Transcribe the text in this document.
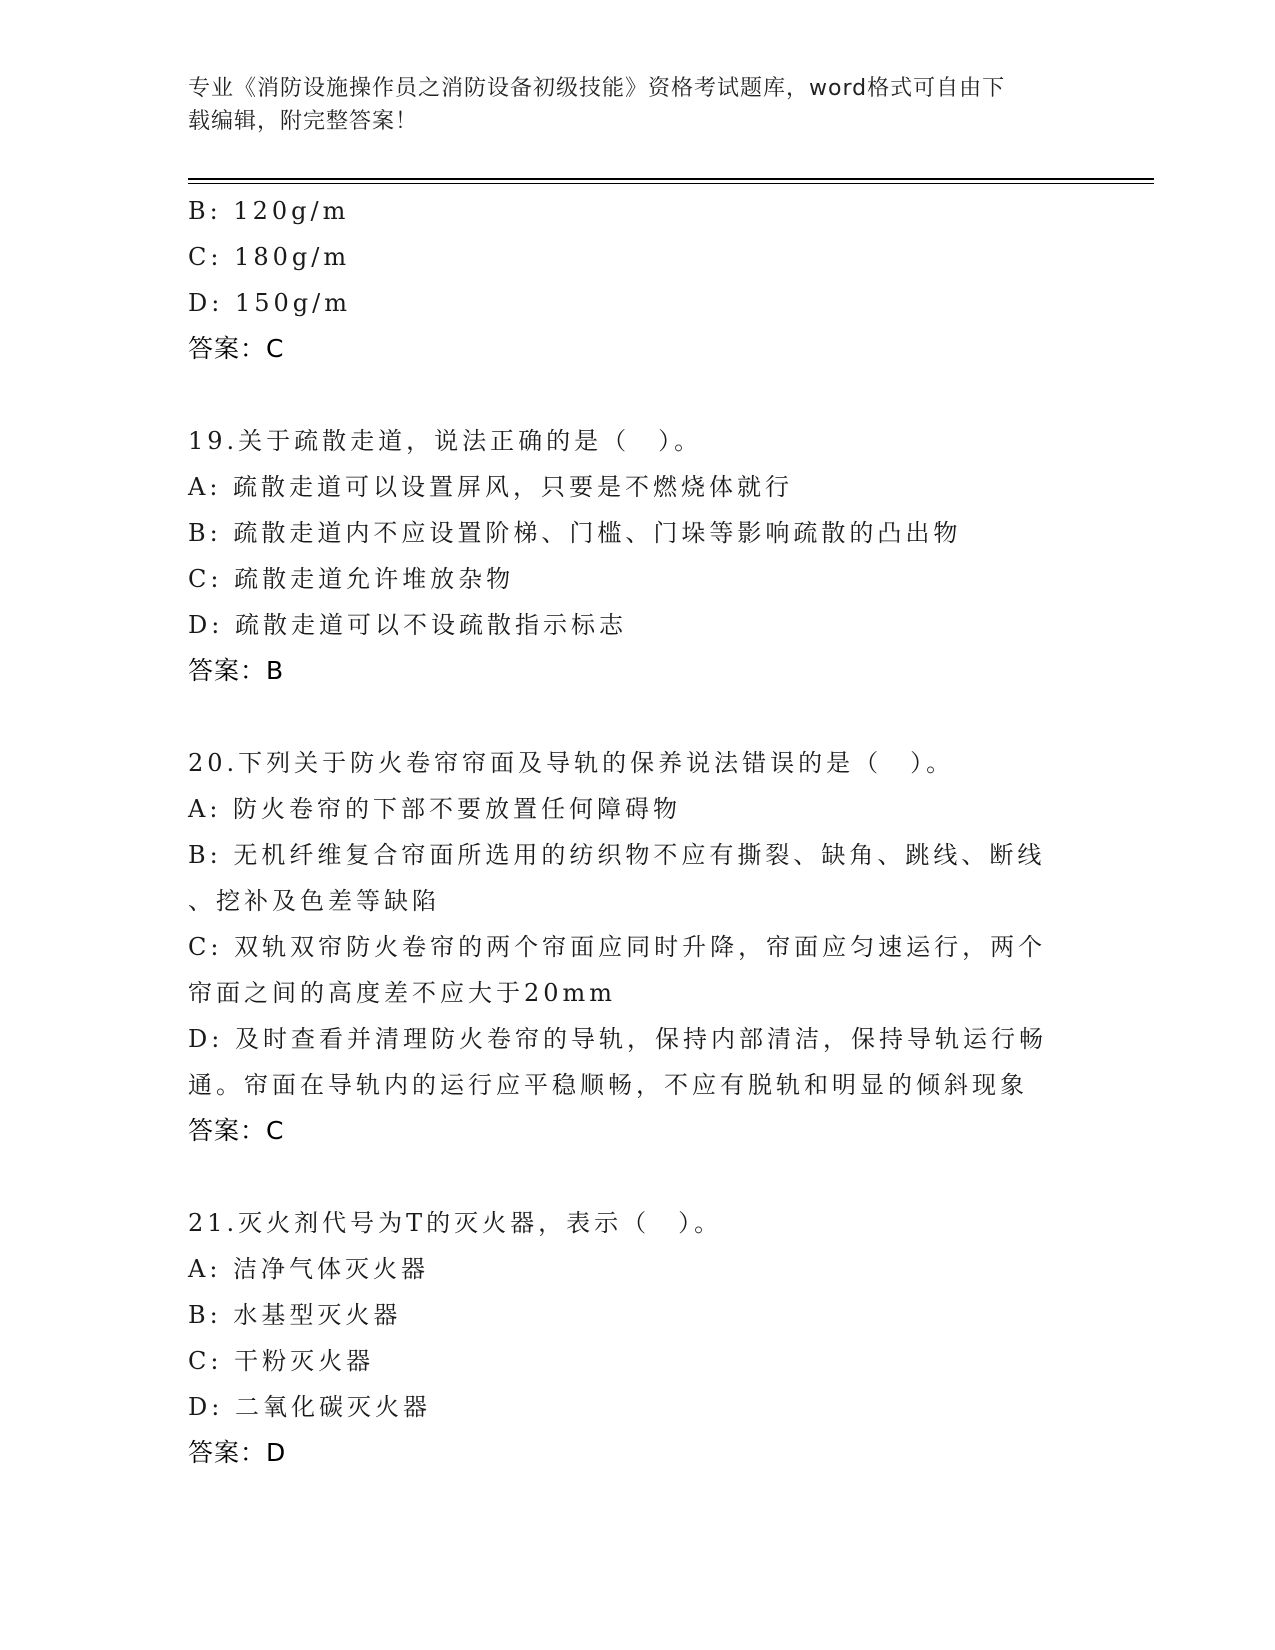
专业《消防设施操作员之消防设备初级技能》资格考试题库，word格式可自由下
载编辑，附完整答案！
B: 120g/m
C: 180g/m
D: 150g/m
答案：C
19.关于疏散走道，说法正确的是（　）。
A: 疏散走道可以设置屏风，只要是不燃烧体就行
B: 疏散走道内不应设置阶梯、门槛、门垛等影响疏散的凸出物
C: 疏散走道允许堆放杂物
D: 疏散走道可以不设疏散指示标志
答案：B
20.下列关于防火卷帘帘面及导轨的保养说法错误的是（　）。
A: 防火卷帘的下部不要放置任何障碍物
B: 无机纤维复合帘面所选用的纺织物不应有撕裂、缺角、跳线、断线
、挖补及色差等缺陷
C: 双轨双帘防火卷帘的两个帘面应同时升降，帘面应匀速运行，两个
帘面之间的高度差不应大于20mm
D: 及时查看并清理防火卷帘的导轨，保持内部清洁，保持导轨运行畅
通。帘面在导轨内的运行应平稳顺畅，不应有脱轨和明显的倾斜现象
答案：C
21.灭火剂代号为T的灭火器，表示（　）。
A: 洁净气体灭火器
B: 水基型灭火器
C: 干粉灭火器
D: 二氧化碳灭火器
答案：D
